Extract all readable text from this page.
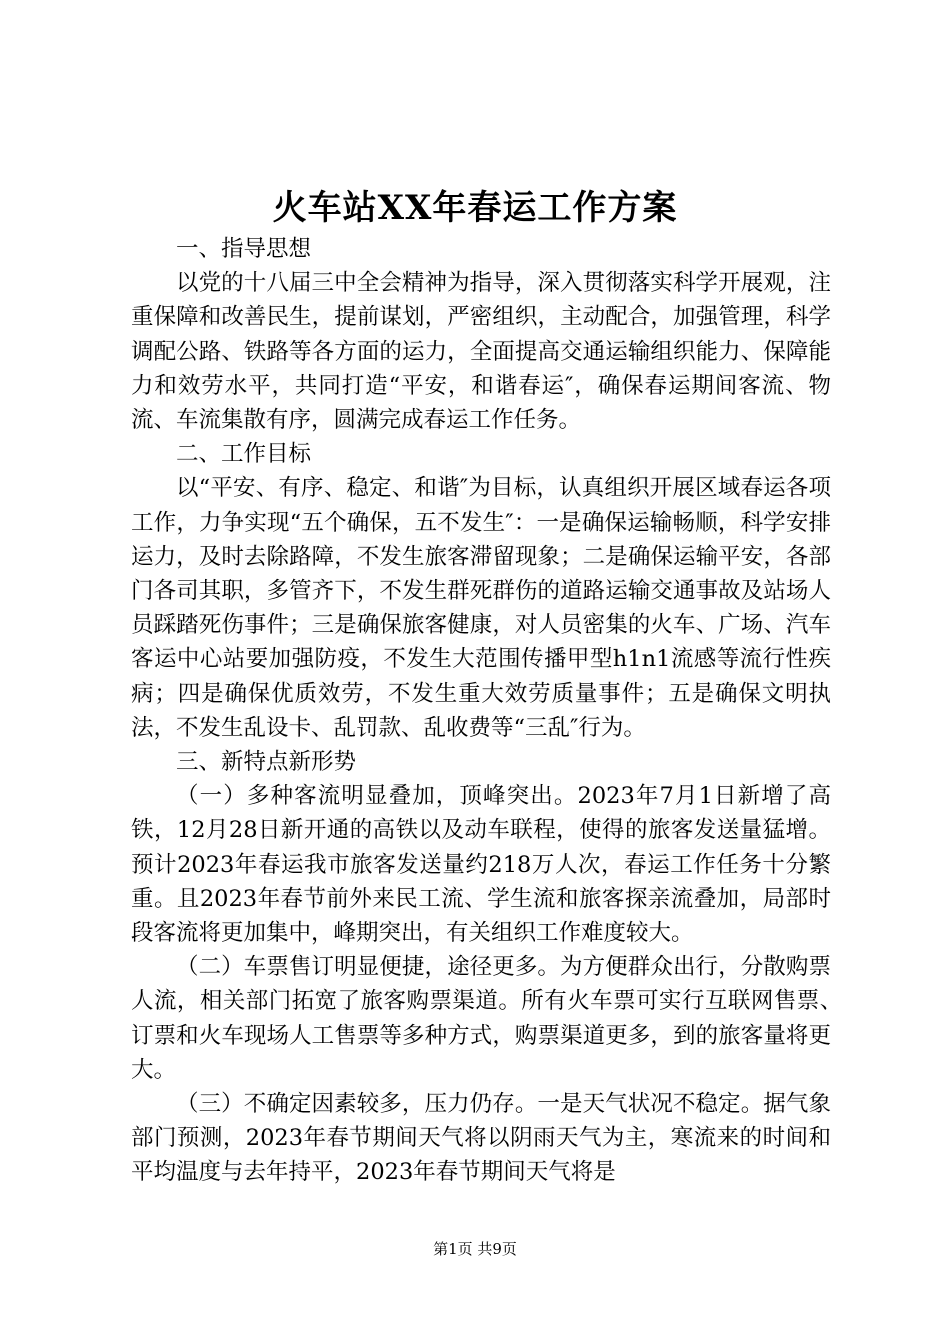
火车站XX年春运工作方案

一、指导思想

以党的十八届三中全会精神为指导，深入贯彻落实科学开展观，注重保障和改善民生，提前谋划，严密组织，主动配合，加强管理，科学调配公路、铁路等各方面的运力，全面提高交通运输组织能力、保障能力和效劳水平，共同打造“平安，和谐春运″，确保春运期间客流、物流、车流集散有序，圆满完成春运工作任务。

二、工作目标

以“平安、有序、稳定、和谐″为目标，认真组织开展区域春运各项工作，力争实现“五个确保，五不发生″：一是确保运输畅顺，科学安排运力，及时去除路障，不发生旅客滞留现象；二是确保运输平安，各部门各司其职，多管齐下，不发生群死群伤的道路运输交通事故及站场人员踩踏死伤事件；三是确保旅客健康，对人员密集的火车、广场、汽车客运中心站要加强防疫，不发生大范围传播甲型h1n1流感等流行性疾病；四是确保优质效劳，不发生重大效劳质量事件；五是确保文明执法，不发生乱设卡、乱罚款、乱收费等“三乱″行为。

三、新特点新形势

（一）多种客流明显叠加，顶峰突出。2023年7月1日新增了高铁，12月28日新开通的高铁以及动车联程，使得的旅客发送量猛增。预计2023年春运我市旅客发送量约218万人次，春运工作任务十分繁重。且2023年春节前外来民工流、学生流和旅客探亲流叠加，局部时段客流将更加集中，峰期突出，有关组织工作难度较大。

（二）车票售订明显便捷，途径更多。为方便群众出行，分散购票人流，相关部门拓宽了旅客购票渠道。所有火车票可实行互联网售票、　　订票和火车现场人工售票等多种方式，购票渠道更多，到的旅客量将更大。

（三）不确定因素较多，压力仍存。一是天气状况不稳定。据气象部门预测，2023年春节期间天气将以阴雨天气为主，寒流来的时间和平均温度与去年持平，2023年春节期间天气将是

第1页 共9页
